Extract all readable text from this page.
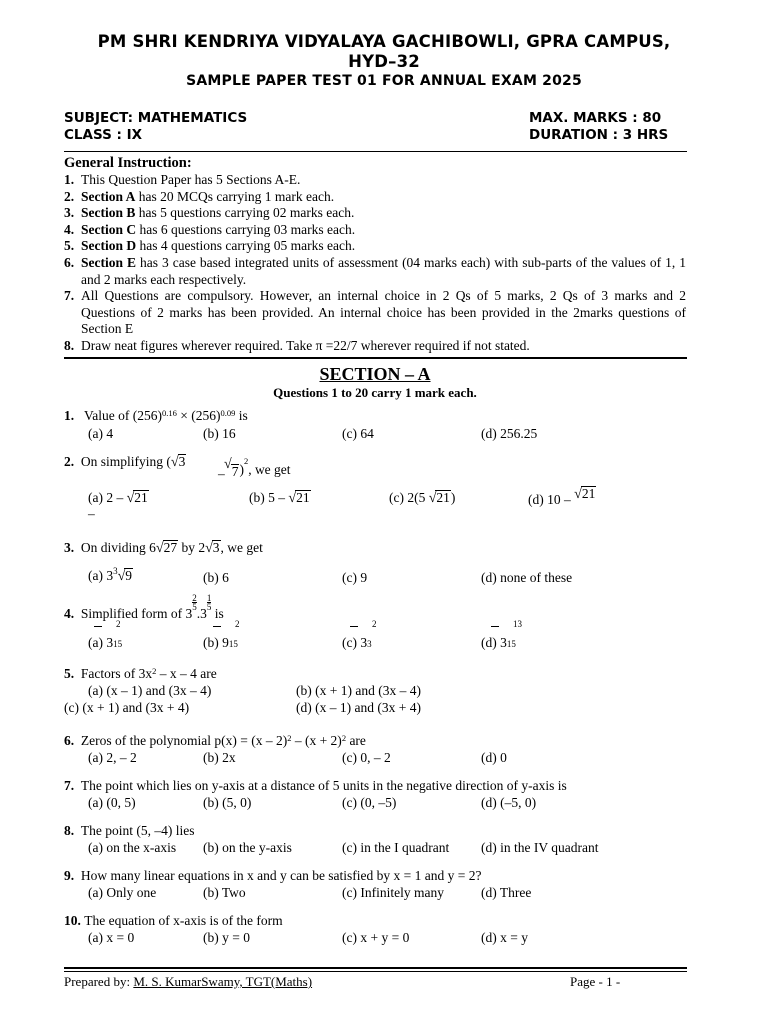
PM SHRI KENDRIYA VIDYALAYA GACHIBOWLI, GPRA CAMPUS,
HYD–32
SAMPLE PAPER TEST 01 FOR ANNUAL EXAM 2025
SUBJECT: MATHEMATICS	MAX. MARKS : 80
CLASS : IX	DURATION : 3 HRS
General Instruction:
1. This Question Paper has 5 Sections A-E.
2. Section A has 20 MCQs carrying 1 mark each.
3. Section B has 5 questions carrying 02 marks each.
4. Section C has 6 questions carrying 03 marks each.
5. Section D has 4 questions carrying 05 marks each.
6. Section E has 3 case based integrated units of assessment (04 marks each) with sub-parts of the values of 1, 1 and 2 marks each respectively.
7. All Questions are compulsory. However, an internal choice in 2 Qs of 5 marks, 2 Qs of 3 marks and 2 Questions of 2 marks has been provided. An internal choice has been provided in the 2marks questions of Section E
8. Draw neat figures wherever required. Take π =22/7 wherever required if not stated.
SECTION – A
Questions 1 to 20 carry 1 mark each.
1. Value of $(256)^{0.16} \times (256)^{0.09}$ is
(a) 4	(b) 16	(c) 64	(d) 256.25
2. On simplifying (√3
–
√7)$^2$, we get
(a) 2 – √21
–
(b) 5 – √21	(c) 2(5 √21)	(d) 10 – √21
3. On dividing 6√27 by 2√3, we get
(a) $3^3√9$	(b) 6	(c) 9	(d) none of these
4. Simplified form of 3
$\frac{2}{5}$
.3
$\frac{1}{5}$
is
$^2$
(a) 315
$^2$
(b) 915
$^2$
(c) 33
$^{13}$
(d) 315
5. Factors of $3x^2$ – x – 4 are
(a) (x – 1) and (3x – 4)	(b) (x + 1) and (3x – 4)
(c) (x + 1) and (3x + 4)	(d) (x – 1) and (3x + 4)
6. Zeros of the polynomial $p(x) = (x - 2)^2 - (x + 2)^2$ are
(a) 2, – 2	(b) 2x	(c) 0, – 2	(d) 0
7. The point which lies on y-axis at a distance of 5 units in the negative direction of y-axis is
(a) (0, 5)	(b) (5, 0)	(c) (0, –5)	(d) (–5, 0)
8. The point (5, –4) lies
(a) on the x-axis (b) on the y-axis	(c) in the I quadrant (d) in the IV quadrant
9. How many linear equations in x and y can be satisfied by x = 1 and y = 2?
(a) Only one	(b) Two	(c) Infinitely many	(d) Three
10. The equation of x-axis is of the form
(a) x = 0	(b) y = 0	(c) x + y = 0	(d) x = y
Prepared by: M. S. KumarSwamy, TGT(Maths)	Page - 1 -
